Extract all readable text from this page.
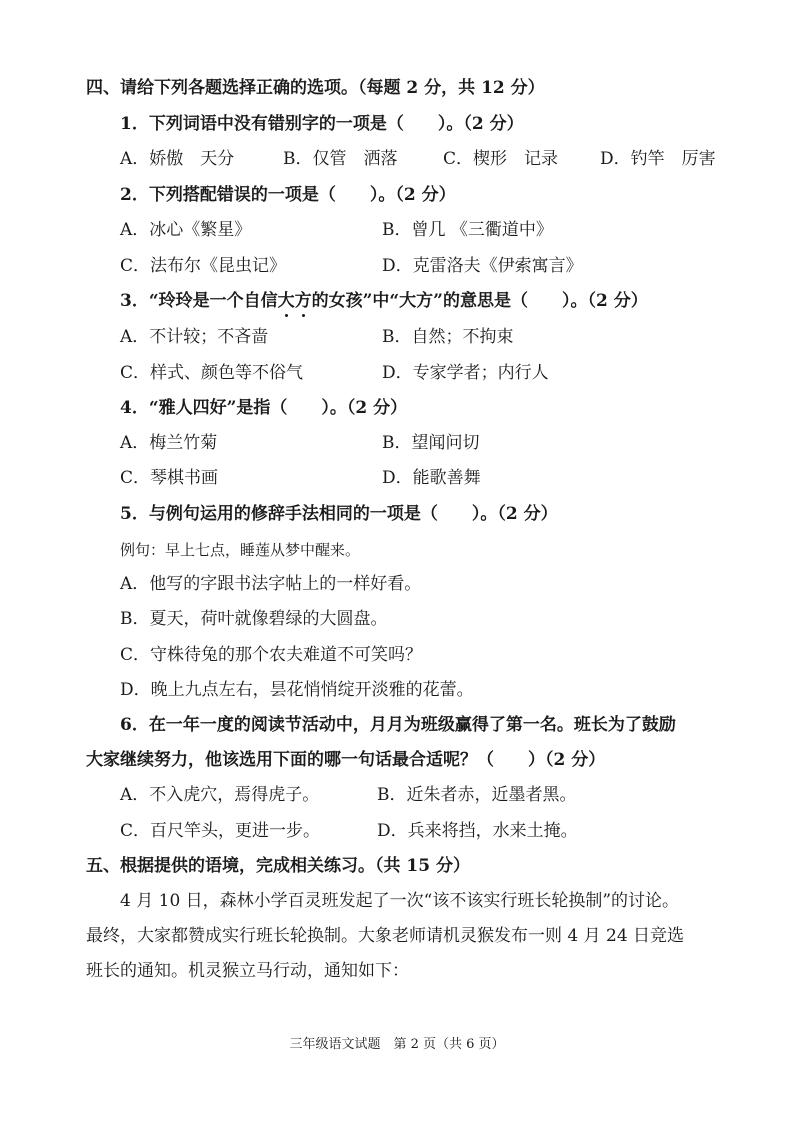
四、请给下列各题选择正确的选项。（每题 2 分，共 12 分）
1．下列词语中没有错别字的一项是（　　）。（2 分）
A．娇傲　天分	B．仅管　洒落	C．楔形　记录 D．钓竿　厉害
2．下列搭配错误的一项是（　　）。（2 分）
A．冰心《繁星》	B．曾几 《三衢道中》
C．法布尔《昆虫记》	D．克雷洛夫《伊索寓言》
3．“玲玲是一个自信大方的女孩”中“大方”的意思是（　　）。（2 分）
A．不计较；不吝啬	B．自然；不拘束
C．样式、颜色等不俗气	D．专家学者；内行人
4．“雅人四好”是指（　　）。（2 分）
A．梅兰竹菊	B．望闻问切
C．琴棋书画	D．能歌善舞
5．与例句运用的修辞手法相同的一项是（　　）。（2 分）
例句：早上七点，睡莲从梦中醒来。
A．他写的字跟书法字帖上的一样好看。
B．夏天，荷叶就像碧绿的大圆盘。
C．守株待兔的那个农夫难道不可笑吗？
D．晚上九点左右，昙花悄悄绽开淡雅的花蕾。
6．在一年一度的阅读节活动中，月月为班级赢得了第一名。班长为了鼓励
大家继续努力，他该选用下面的哪一句话最合适呢？（　　）（2 分）
A．不入虎穴，焉得虎子。	B．近朱者赤，近墨者黑。
C．百尺竿头，更进一步。	D．兵来将挡，水来土掩。
五、根据提供的语境，完成相关练习。（共 15 分）
4 月 10 日，森林小学百灵班发起了一次“该不该实行班长轮换制”的讨论。
最终，大家都赞成实行班长轮换制。大象老师请机灵猴发布一则 4 月 24 日竞选
班长的通知。机灵猴立马行动，通知如下：
三年级语文试题　第 2 页（共 6 页）
